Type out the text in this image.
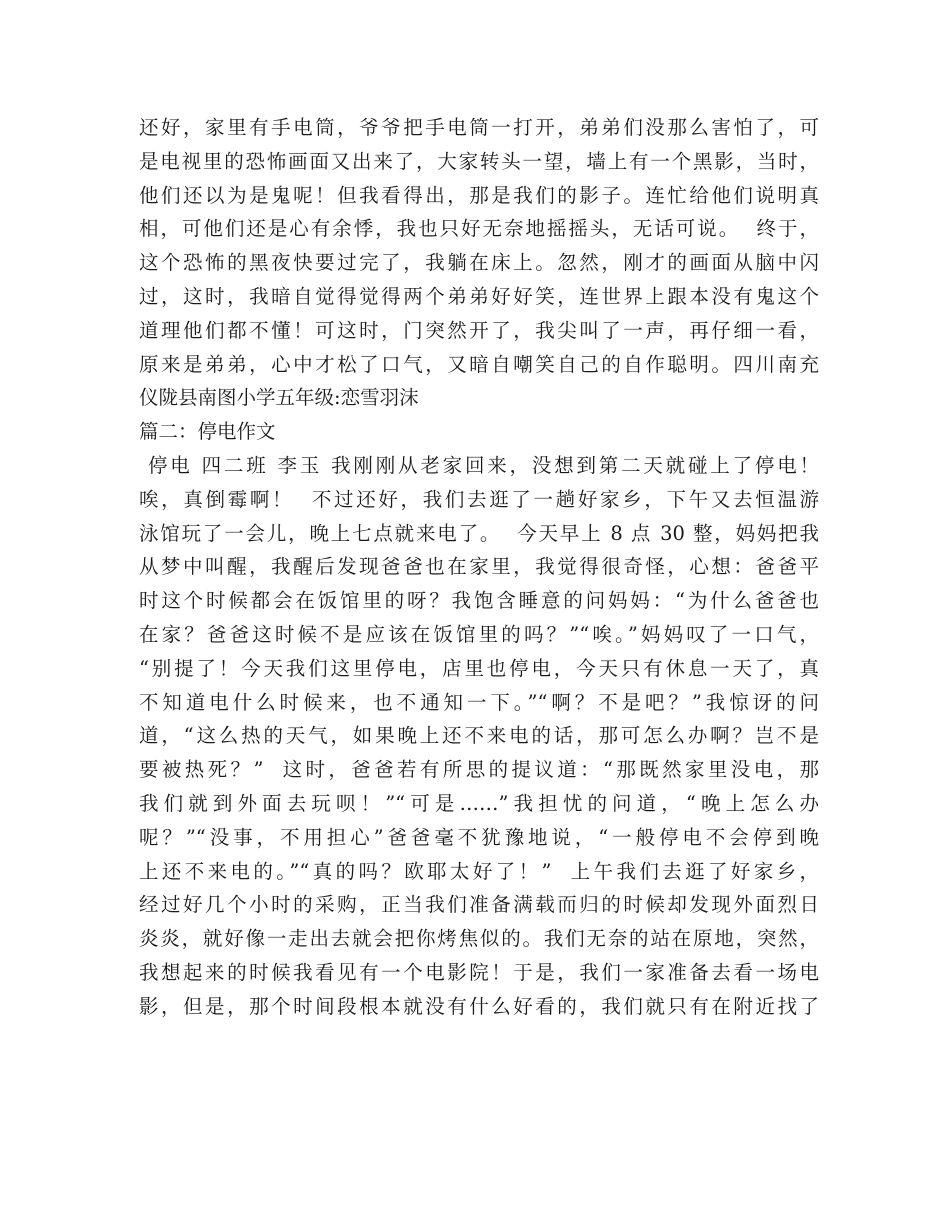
还好，家里有手电筒，爷爷把手电筒一打开，弟弟们没那么害怕了，可
是电视里的恐怖画面又出来了，大家转头一望，墙上有一个黑影，当时，
他们还以为是鬼呢！但我看得出，那是我们的影子。连忙给他们说明真
相，可他们还是心有余悸，我也只好无奈地摇摇头，无话可说。  终于，
这个恐怖的黑夜快要过完了，我躺在床上。忽然，刚才的画面从脑中闪
过，这时，我暗自觉得觉得两个弟弟好好笑，连世界上跟本没有鬼这个
道理他们都不懂！可这时，门突然开了，我尖叫了一声，再仔细一看，
原来是弟弟，心中才松了口气，又暗自嘲笑自己的自作聪明。四川南充
仪陇县南图小学五年级:恋雪羽沫
篇二：停电作文
停电 四二班 李玉 我刚刚从老家回来，没想到第二天就碰上了停电！
唉，真倒霉啊！  不过还好，我们去逛了一趟好家乡，下午又去恒温游
泳馆玩了一会儿，晚上七点就来电了。  今天早上 8 点 30 整，妈妈把我
从梦中叫醒，我醒后发现爸爸也在家里，我觉得很奇怪，心想：爸爸平
时这个时候都会在饭馆里的呀？我饱含睡意的问妈妈：“为什么爸爸也
在家？爸爸这时候不是应该在饭馆里的吗？”“唉。”妈妈叹了一口气，
“别提了！今天我们这里停电，店里也停电，今天只有休息一天了，真
不知道电什么时候来，也不通知一下。”“啊？不是吧？”我惊讶的问
道，“这么热的天气，如果晚上还不来电的话，那可怎么办啊？岂不是
要被热死？”  这时，爸爸若有所思的提议道：“那既然家里没电，那
我们就到外面去玩呗！”“可是……”我担忧的问道，“晚上怎么办
呢？”“没事，不用担心”爸爸毫不犹豫地说，“一般停电不会停到晚
上还不来电的。”“真的吗？欧耶太好了！”  上午我们去逛了好家乡，
经过好几个小时的采购，正当我们准备满载而归的时候却发现外面烈日
炎炎，就好像一走出去就会把你烤焦似的。我们无奈的站在原地，突然，
我想起来的时候我看见有一个电影院！于是，我们一家准备去看一场电
影，但是，那个时间段根本就没有什么好看的，我们就只有在附近找了
